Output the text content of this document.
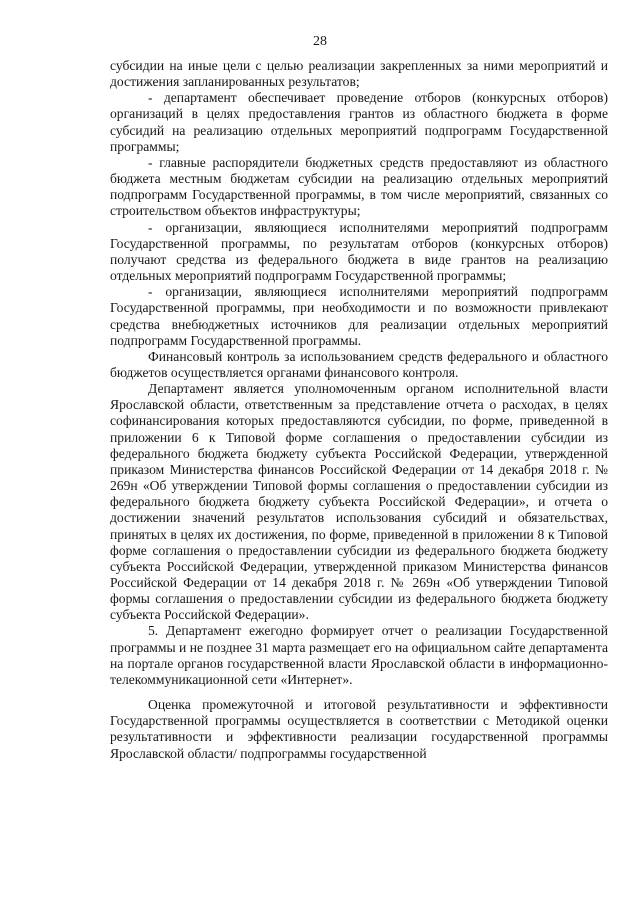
28

субсидии на иные цели с целью реализации закрепленных за ними мероприятий и достижения запланированных результатов;

- департамент обеспечивает проведение отборов (конкурсных отборов) организаций в целях предоставления грантов из областного бюджета в форме субсидий на реализацию отдельных мероприятий подпрограмм Государственной программы;

- главные распорядители бюджетных средств предоставляют из областного бюджета местным бюджетам субсидии на реализацию отдельных мероприятий подпрограмм Государственной программы, в том числе мероприятий, связанных со строительством объектов инфраструктуры;

- организации, являющиеся исполнителями мероприятий подпрограмм Государственной программы, по результатам отборов (конкурсных отборов) получают средства из федерального бюджета в виде грантов на реализацию отдельных мероприятий подпрограмм Государственной программы;

- организации, являющиеся исполнителями мероприятий подпрограмм Государственной программы, при необходимости и по возможности привлекают средства внебюджетных источников для реализации отдельных мероприятий подпрограмм Государственной программы.

Финансовый контроль за использованием средств федерального и областного бюджетов осуществляется органами финансового контроля.

Департамент является уполномоченным органом исполнительной власти Ярославской области, ответственным за представление отчета о расходах, в целях софинансирования которых предоставляются субсидии, по форме, приведенной в приложении 6 к Типовой форме соглашения о предоставлении субсидии из федерального бюджета бюджету субъекта Российской Федерации, утвержденной приказом Министерства финансов Российской Федерации от 14 декабря 2018 г. № 269н «Об утверждении Типовой формы соглашения о предоставлении субсидии из федерального бюджета бюджету субъекта Российской Федерации», и отчета о достижении значений результатов использования субсидий и обязательствах, принятых в целях их достижения, по форме, приведенной в приложении 8 к Типовой форме соглашения о предоставлении субсидии из федерального бюджета бюджету субъекта Российской Федерации, утвержденной приказом Министерства финансов Российской Федерации от 14 декабря 2018 г. № 269н «Об утверждении Типовой формы соглашения о предоставлении субсидии из федерального бюджета бюджету субъекта Российской Федерации».

5. Департамент ежегодно формирует отчет о реализации Государственной программы и не позднее 31 марта размещает его на официальном сайте департамента на портале органов государственной власти Ярославской области в информационно-телекоммуникационной сети «Интернет».

Оценка промежуточной и итоговой результативности и эффективности Государственной программы осуществляется в соответствии с Методикой оценки результативности и эффективности реализации государственной программы Ярославской области/ подпрограммы государственной
